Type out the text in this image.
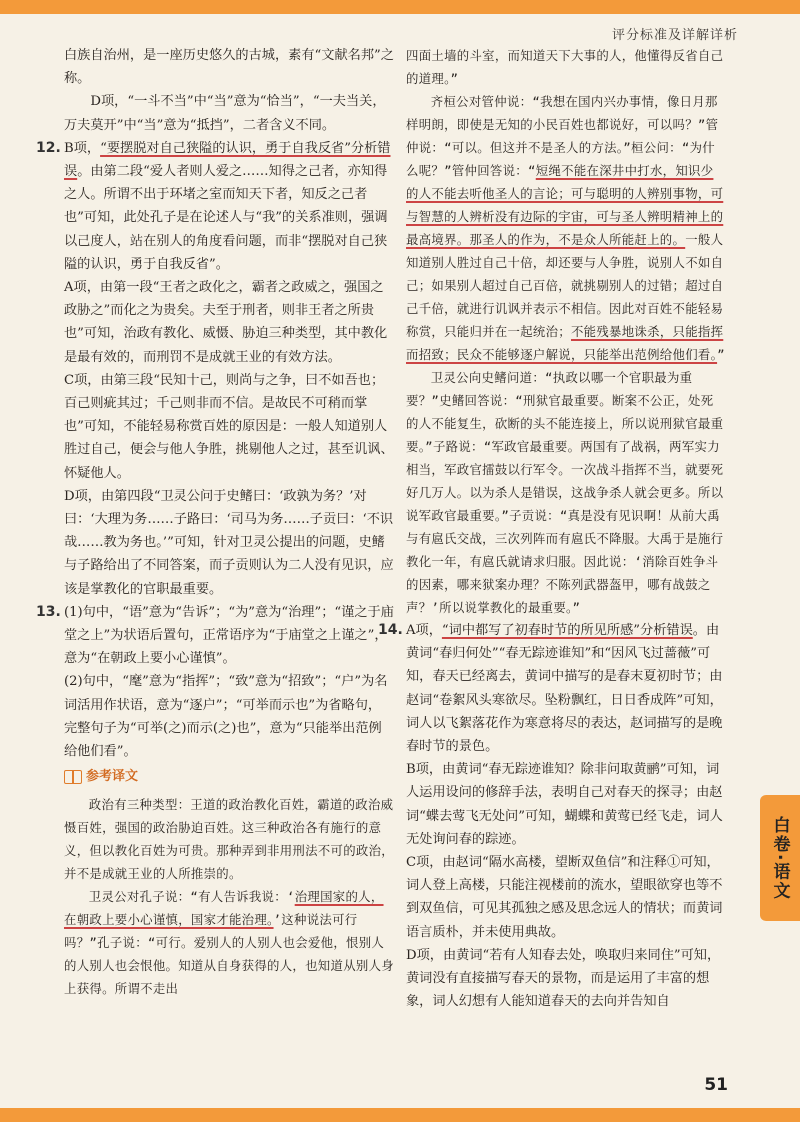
评分标准及详解详析

白族自治州，是一座历史悠久的古城，素有“文献名邦”之称。

D项，“一斗不当”中“当”意为“恰当”，“一夫当关，万夫莫开”中“当”意为“抵挡”，二者含义不同。

12. B项，“要摆脱对自己狭隘的认识，勇于自我反省”分析错误。由第二段“爱人者则人爱之……知得之己者，亦知得之人。所谓不出于环堵之室而知天下者，知反之己者也”可知，此处孔子是在论述人与“我”的关系准则，强调以己度人，站在别人的角度看问题，而非“摆脱对自己狭隘的认识，勇于自我反省”。

A项，由第一段“王者之政化之，霸者之政威之，强国之政胁之”而化之为贵矣。夫至于刑者，则非王者之所贵也”可知，治政有教化、威慑、胁迫三种类型，其中教化是最有效的，而刑罚不是成就王业的有效方法。

C项，由第三段“民知十己，则尚与之争，曰不如吾也；百己则疵其过；千己则非而不信。是故民不可稍而掌也”可知，不能轻易称赏百姓的原因是：一般人知道别人胜过自己，便会与他人争胜，挑剔他人之过，甚至讥讽、怀疑他人。

D项，由第四段“卫灵公问于史鳍曰：‘政孰为务？’对曰：‘大理为务……子路曰：‘司马为务……子贡曰：‘不识哉……教为务也。’”可知，针对卫灵公提出的问题，史鳍与子路给出了不同答案，而子贡则认为二人没有见识，应该是掌教化的官职最重要。

13. (1)句中，“语”意为“告诉”；“为”意为“治理”；“谨之于庙堂之上”为状语后置句，正常语序为“于庙堂之上谨之”，意为“在朝政上要小心谨慎”。

(2)句中，“麾”意为“指挥”；“致”意为“招致”；“户”为名词活用作状语，意为“逐户”；“可举而示也”为省略句，完整句子为“可举(之)而示(之)也”，意为“只能举出范例给他们看”。

参考译文

政治有三种类型：王道的政治教化百姓，霸道的政治威慑百姓，强国的政治胁迫百姓。这三种政治各有施行的意义，但以教化百姓为可贵。那种弄到非用刑法不可的政治，并不是成就王业的人所推崇的。

卫灵公对孔子说：“有人告诉我说：‘治理国家的人，在朝政上要小心谨慎，国家才能治理。’这种说法可行吗？”孔子说：“可行。爱别人的人别人也会爱他，恨别人的人别人也会恨他。知道从自身获得的人，也知道从别人身上获得。所谓不走出

四面土墙的斗室，而知道天下大事的人，他懂得反省自己的道理。”

齐桓公对管仲说：“我想在国内兴办事情，像日月那样明朗，即使是无知的小民百姓也都说好，可以吗？”管仲说：“可以。但这并不是圣人的方法。”桓公问：“为什么呢？”管仲回答说：“短绳不能在深井中打水，知识少的人不能去听他圣人的言论；可与聪明的人辨别事物，可与智慧的人辨析没有边际的宇宙，可与圣人辨明精神上的最高境界。那圣人的作为，不是众人所能赶上的。一般人知道别人胜过自己十倍，却还要与人争胜，说别人不如自己；如果别人超过自己百倍，就挑剔别人的过错；超过自己千倍，就进行讥讽并表示不相信。因此对百姓不能轻易称赏，只能归并在一起统治；不能残暴地诛杀，只能指挥而招致；民众不能够逐户解说，只能举出范例给他们看。”

卫灵公向史鳍问道：“执政以哪一个官职最为重要？”史鳍回答说：“刑狱官最重要。断案不公正，处死的人不能复生，砍断的头不能连接上，所以说刑狱官最重要。”子路说：“军政官最重要。两国有了战祸，两军实力相当，军政官擂鼓以行军令。一次战斗指挥不当，就要死好几万人。以为杀人是错误，这战争杀人就会更多。所以说军政官最重要。”子贡说：“真是没有见识啊！从前大禹与有扈氏交战，三次列阵而有扈氏不降服。大禹于是施行教化一年，有扈氏就请求归服。因此说：‘消除百姓争斗的因素，哪来狱案办理？不陈列武器盔甲，哪有战鼓之声？’所以说掌教化的最重要。”

14. A项，“词中都写了初春时节的所见所感”分析错误。由黄词“春归何处”“春无踪迹谁知”和“因风飞过蔷薇”可知，春天已经离去，黄词中描写的是春末夏初时节；由赵词“卷絮风头寒欲尽。坠粉飘红，日日香成阵”可知，词人以飞絮落花作为寒意将尽的表达，赵词描写的是晚春时节的景色。

B项，由黄词“春无踪迹谁知？除非问取黄鹂”可知，词人运用设问的修辞手法，表明自己对春天的探寻；由赵词“蝶去莺飞无处问”可知，蝴蝶和黄莺已经飞走，词人无处询问春的踪迹。

C项，由赵词“隔水高楼，望断双鱼信”和注释①可知，词人登上高楼，只能注视楼前的流水，望眼欲穿也等不到双鱼信，可见其孤独之感及思念远人的情状；而黄词语言质朴，并未使用典故。

D项，由黄词“若有人知春去处，唤取归来同住”可知，黄词没有直接描写春天的景物，而是运用了丰富的想象，词人幻想有人能知道春天的去向并告知自

白卷·语文
51
